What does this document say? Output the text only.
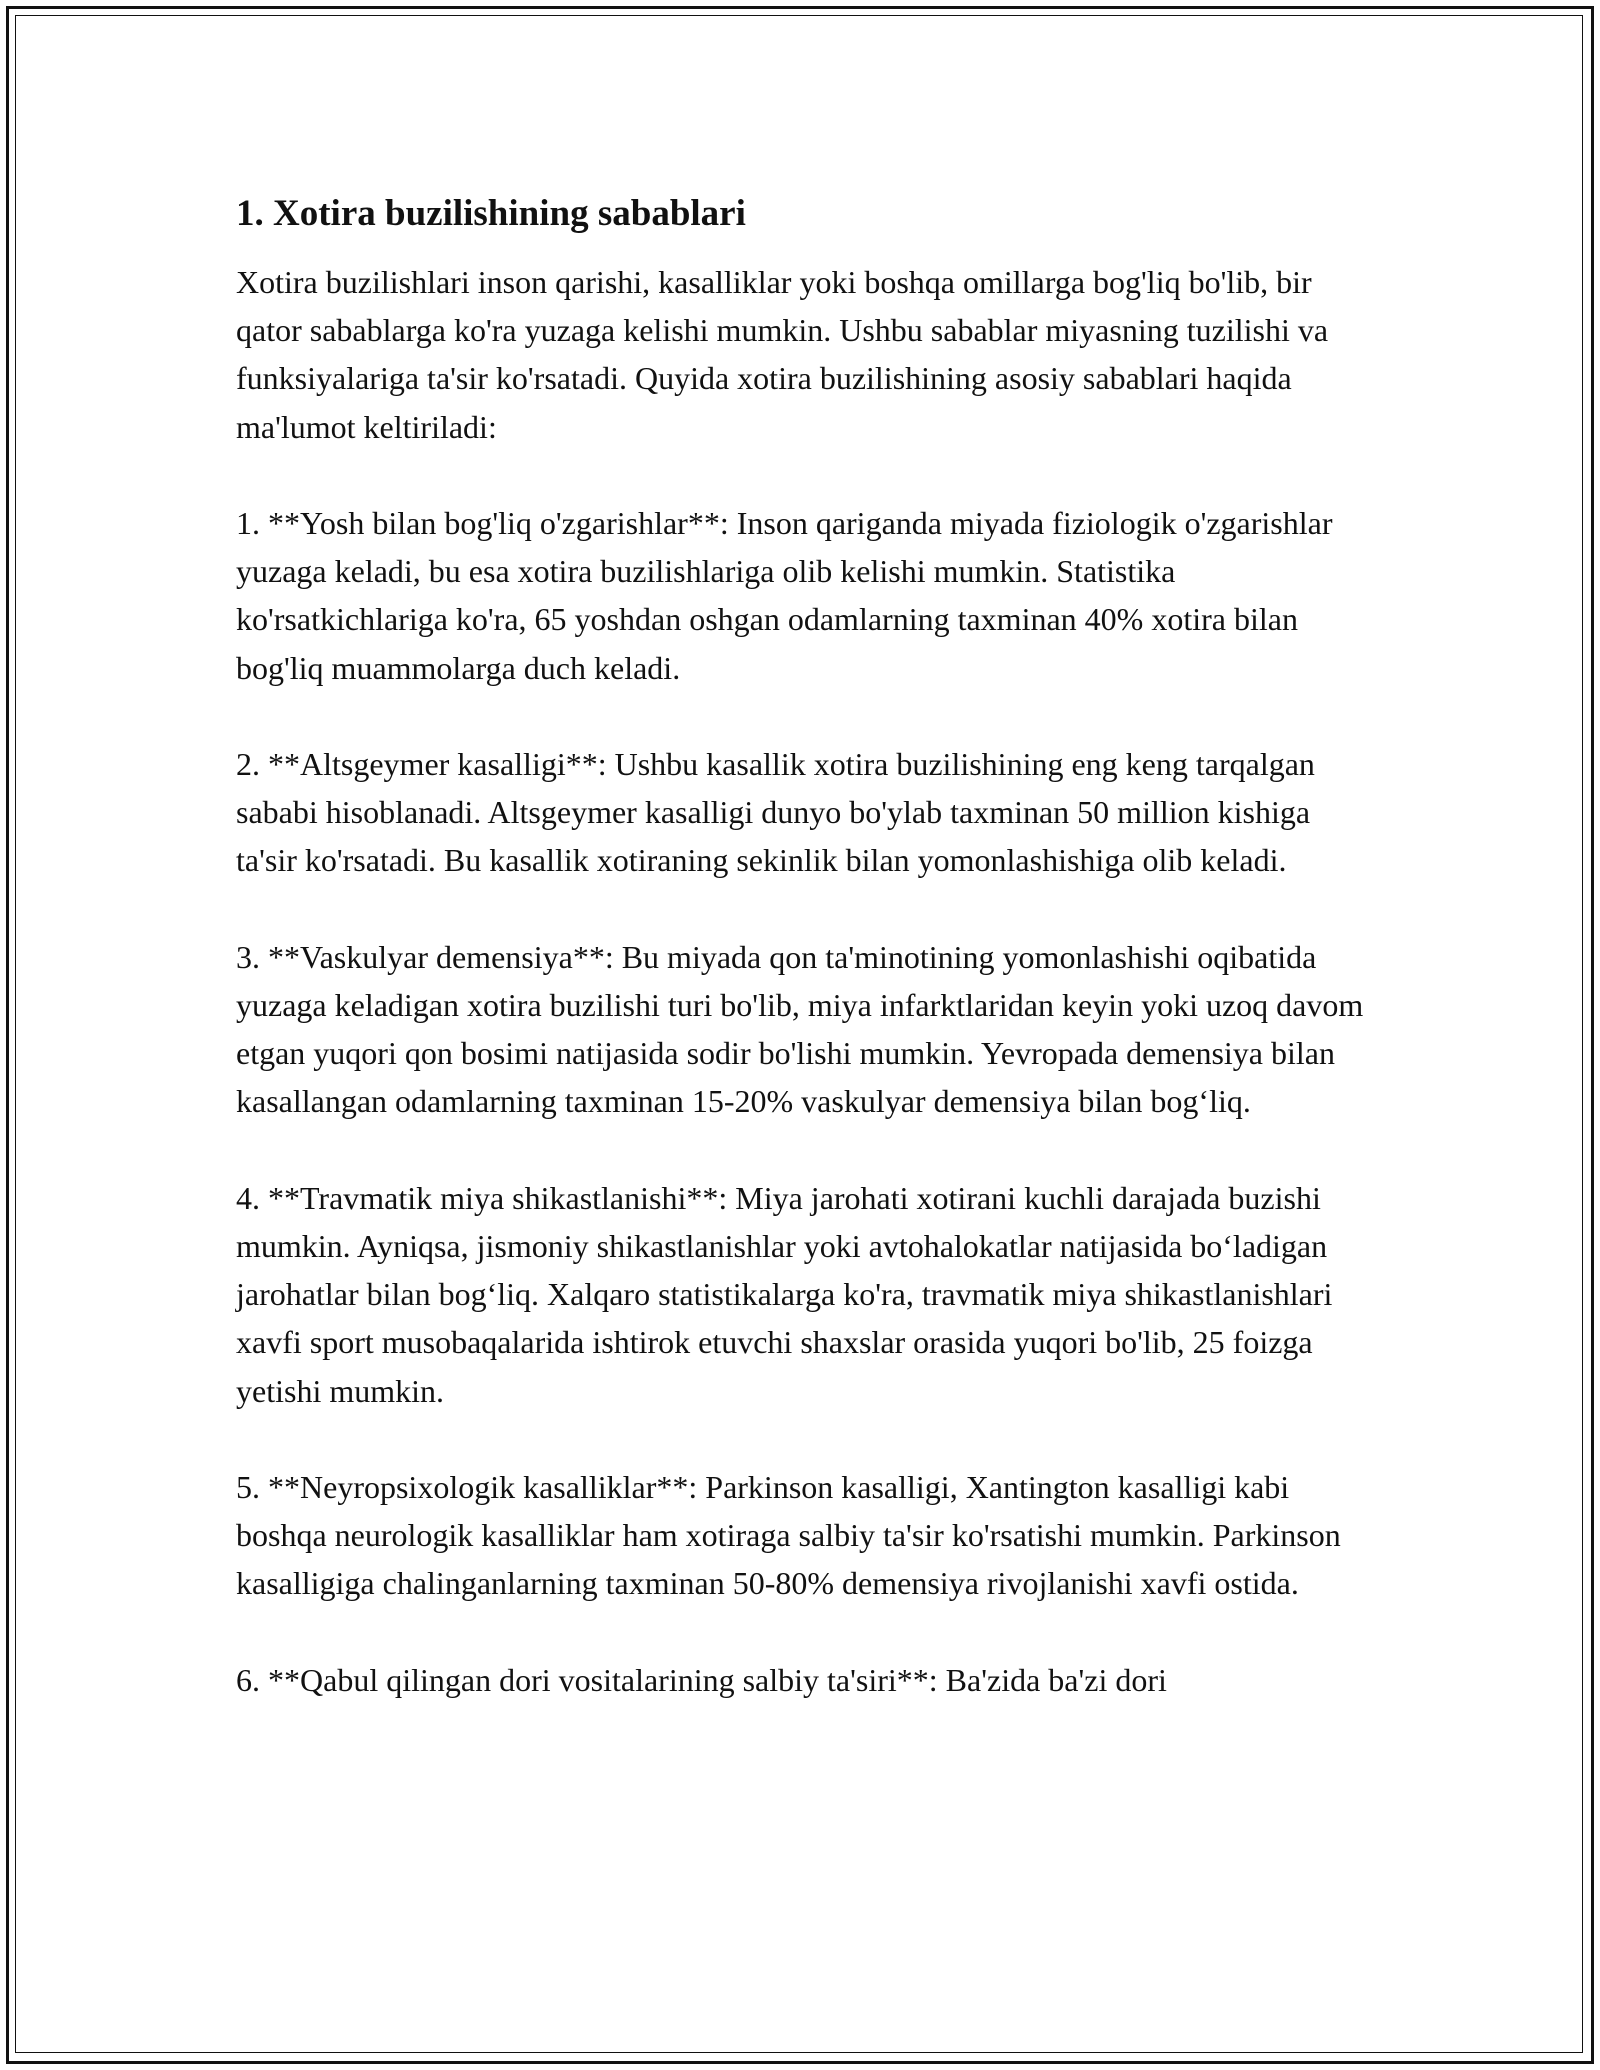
1. Xotira buzilishining sabablari

Xotira buzilishlari inson qarishi, kasalliklar yoki boshqa omillarga bog'liq bo'lib, bir qator sabablarga ko'ra yuzaga kelishi mumkin. Ushbu sabablar miyasning tuzilishi va funksiyalariga ta'sir ko'rsatadi. Quyida xotira buzilishining asosiy sabablari haqida ma'lumot keltiriladi:

1. **Yosh bilan bog'liq o'zgarishlar**: Inson qariganda miyada fiziologik o'zgarishlar yuzaga keladi, bu esa xotira buzilishlariga olib kelishi mumkin. Statistika ko'rsatkichlariga ko'ra, 65 yoshdan oshgan odamlarning taxminan 40% xotira bilan bog'liq muammolarga duch keladi.

2. **Altsgeymer kasalligi**: Ushbu kasallik xotira buzilishining eng keng tarqalgan sababi hisoblanadi. Altsgeymer kasalligi dunyo bo'ylab taxminan 50 million kishiga ta'sir ko'rsatadi. Bu kasallik xotiraning sekinlik bilan yomonlashishiga olib keladi.

3. **Vaskulyar demensiya**: Bu miyada qon ta'minotining yomonlashishi oqibatida yuzaga keladigan xotira buzilishi turi bo'lib, miya infarktlaridan keyin yoki uzoq davom etgan yuqori qon bosimi natijasida sodir bo'lishi mumkin. Yevropada demensiya bilan kasallangan odamlarning taxminan 15-20% vaskulyar demensiya bilan bog‘liq.

4. **Travmatik miya shikastlanishi**: Miya jarohati xotirani kuchli darajada buzishi mumkin. Ayniqsa, jismoniy shikastlanishlar yoki avtohalokatlar natijasida bo‘ladigan jarohatlar bilan bog‘liq. Xalqaro statistikalarga ko'ra, travmatik miya shikastlanishlari xavfi sport musobaqalarida ishtirok etuvchi shaxslar orasida yuqori bo'lib, 25 foizga yetishi mumkin.

5. **Neyropsixologik kasalliklar**: Parkinson kasalligi, Xantington kasalligi kabi boshqa neurologik kasalliklar ham xotiraga salbiy ta'sir ko'rsatishi mumkin. Parkinson kasalligiga chalinganlarning taxminan 50-80% demensiya rivojlanishi xavfi ostida.

6. **Qabul qilingan dori vositalarining salbiy ta'siri**: Ba'zida ba'zi dori
